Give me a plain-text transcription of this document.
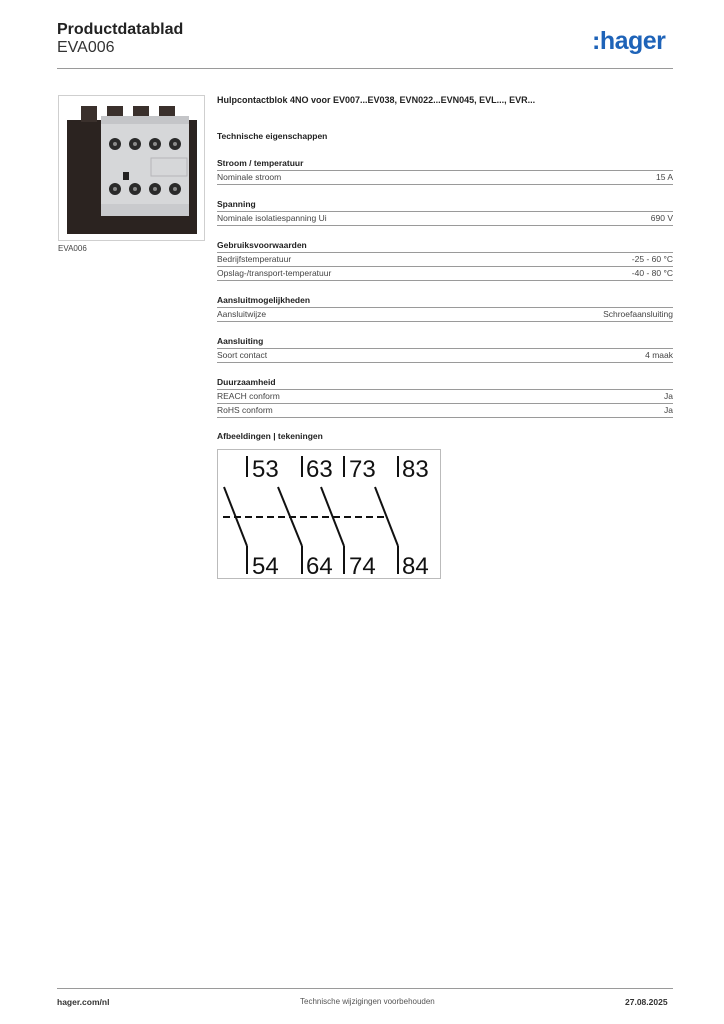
Productdatablad
EVA006	:hager
EVA006
Hulpcontactblok 4NO voor EV007...EV038, EVN022...EVN045, EVL..., EVR...
Technische eigenschappen
Stroom / temperatuur
Nominale stroom	15 A
Spanning
Nominale isolatiespanning Ui	690 V
Gebruiksvoorwaarden
Bedrijfstemperatuur	-25 - 60 °C
Opslag-/transport-temperatuur	-40 - 80 °C
Aansluitmogelijkheden
Aansluitwijze	Schroefaansluiting
Aansluiting
Soort contact	4 maak
Duurzaamheid
REACH conform	Ja
RoHS conform	Ja
Afbeeldingen | tekeningen
53 63 73 83
54 64 74 84
hager.com/nl	Technische wijzigingen voorbehouden	27.08.2025
